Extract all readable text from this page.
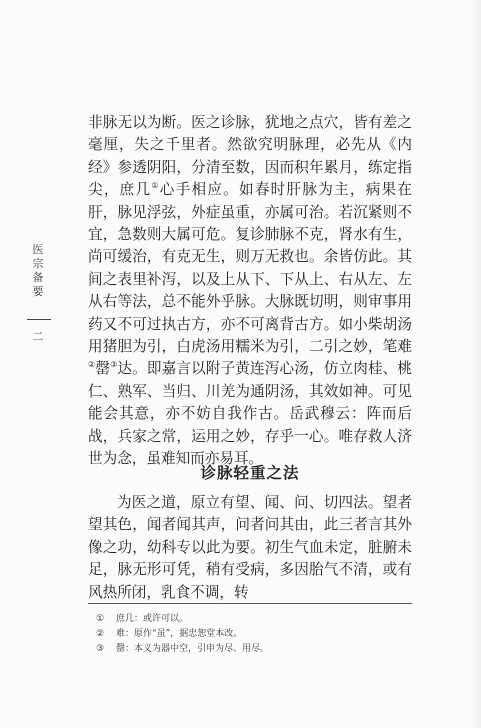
医宗备要
二

非脉无以为断。医之诊脉，犹地之点穴，皆有差之毫厘，失之千里者。然欲究明脉理，必先从《内经》参透阴阳，分清至数，因而积年累月，练定指尖，庶几①心手相应。如春时肝脉为主，病果在肝，脉见浮弦，外症虽重，亦属可治。若沉紧则不宜，急数则大属可危。复诊肺脉不克，肾水有生，尚可缓治，有克无生，则万无救也。余皆仿此。其间之表里补泻，以及上从下、下从上、右从左、左从右等法，总不能外乎脉。大脉既切明，则审事用药又不可过执古方，亦不可离背古方。如小柴胡汤用猪胆为引，白虎汤用糯米为引，二引之妙，笔难②罄③达。即嘉言以附子黄连泻心汤，仿立肉桂、桃仁、熟军、当归、川羌为通阴汤，其效如神。可见能会其意，亦不妨自我作古。岳武穆云：阵而后战，兵家之常，运用之妙，存乎一心。唯存救人济世为念，虽难知而亦易耳。

诊脉轻重之法

为医之道，原立有望、闻、问、切四法。望者望其色，闻者闻其声，问者问其由，此三者言其外像之功，幼科专以此为要。初生气血未定，脏腑未足，脉无形可凭，稍有受病，多因胎气不清，或有风热所闭，乳食不调，转

①	庶几：或许可以。
②	难：原作“虽”，据忠恕堂本改。
③	罄：本义为器中空，引申为尽、用尽。
